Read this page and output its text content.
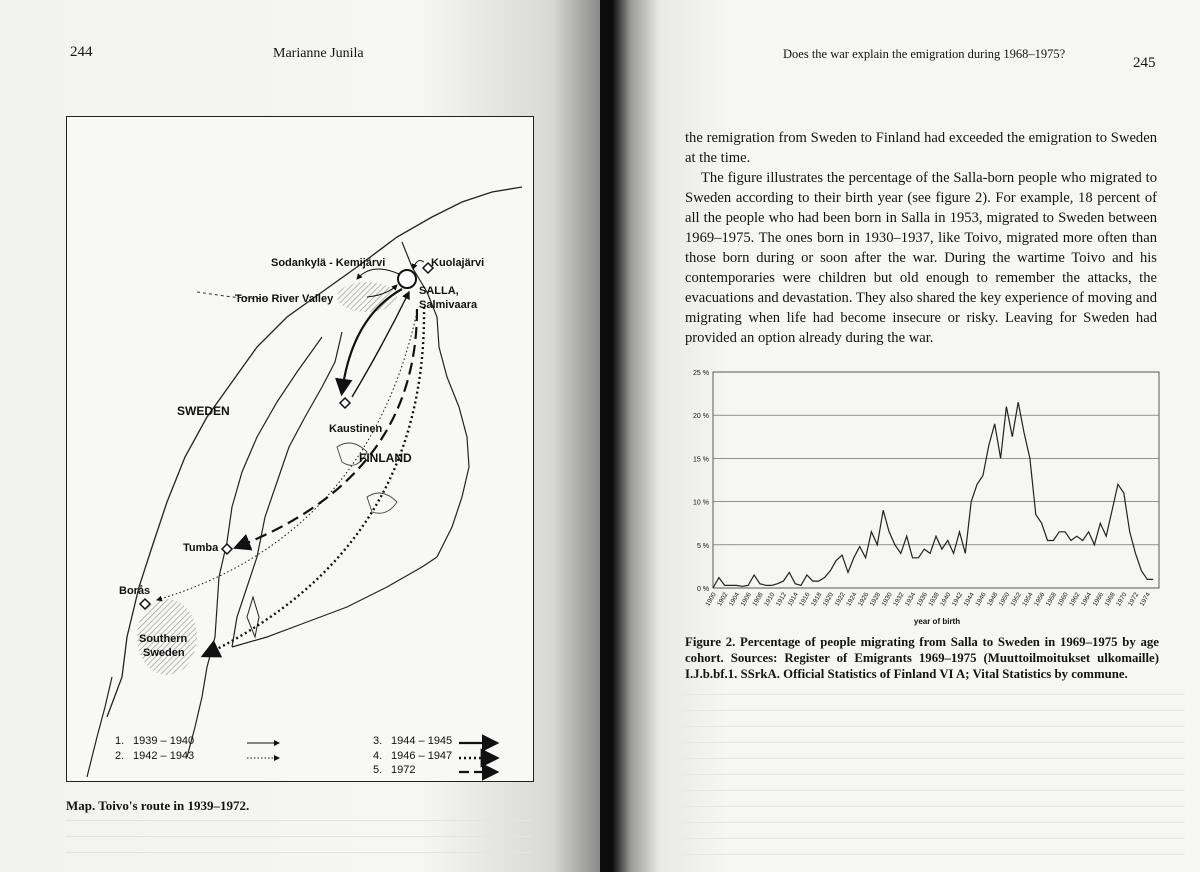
244	Marianne Junila

Sodankylä - Kemijärvi	Kuolajärvi
SALLA,
Salmivaara
Tornio River Valley
SWEDEN
Kaustinen
FINLAND
Tumba
Borås
Southern
Sweden
1. 1939 – 1940
2. 1942 – 1943
3. 1944 – 1945
4. 1946 – 1947
5. 1972

Map. Toivo's route in 1939–1972.

Does the war explain the emigration during 1968–1975?

245

the remigration from Sweden to Finland had exceeded the emigration to Sweden at the time.

The figure illustrates the percentage of the Salla-born people who migrated to Sweden according to their birth year (see figure 2). For example, 18 percent of all the people who had been born in Salla in 1953, migrated to Sweden between 1969–1975. The ones born in 1930–1937, like Toivo, migrated more often than those born during or soon after the war. During the wartime Toivo and his contemporaries were children but old enough to remember the attacks, the evacuations and devastation. They also shared the key experience of moving and migrating when life had become insecure or risky. Leaving for Sweden had provided an option already during the war.

0 %
5 %
10 %
15 %
20 %
25 %
1900
1902
1904
1906
1908
1910
1912
1914
1916
1918
1920
1922
1924
1926
1928
1930
1932
1934
1936
1938
1940
1942
1944
1946
1948
1950
1952
1954
1956
1958
1960
1962
1964
1966
1968
1970
1972
1974
year of birth

Figure 2. Percentage of people migrating from Salla to Sweden in 1969–1975 by age cohort. Sources: Register of Emigrants 1969–1975 (Muuttoilmoitukset ulkomaille) I.J.b.bf.1. SSrkA. Official Statistics of Finland VI A; Vital Statistics by commune.
